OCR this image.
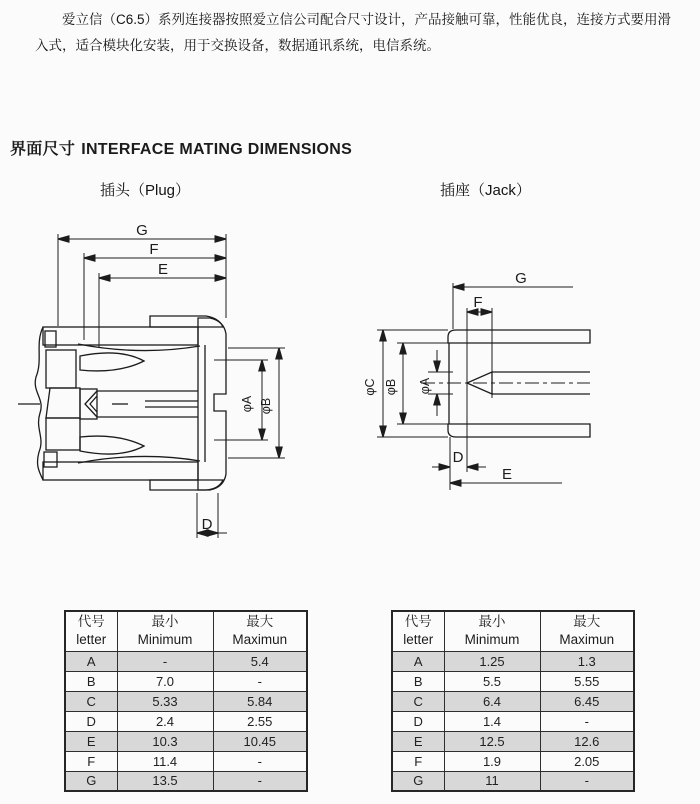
爱立信（C6.5）系列连接器按照爱立信公司配合尺寸设计，产品接触可靠，性能优良，连接方式要用滑入式，适合模块化安装，用于交换设备，数据通讯系统，电信系统。

界面尺寸 INTERFACE MATING DIMENSIONS
插头（Plug）	插座（Jack）
G
F
E
φA φB
D
G
F
φA
φB
φC
D
E
代号
letter

最小
Minimum

最大
Maximun

A	-	5.4
B	7.0	-
C	5.33	5.84
D	2.4	2.55
E	10.3	10.45
F	11.4	-
G	13.5	-
代号
letter

最小
Minimum

最大
Maximun

A	1.25	1.3
B	5.5	5.55
C	6.4	6.45
D	1.4	-
E	12.5	12.6
F	1.9	2.05
G	11	-
